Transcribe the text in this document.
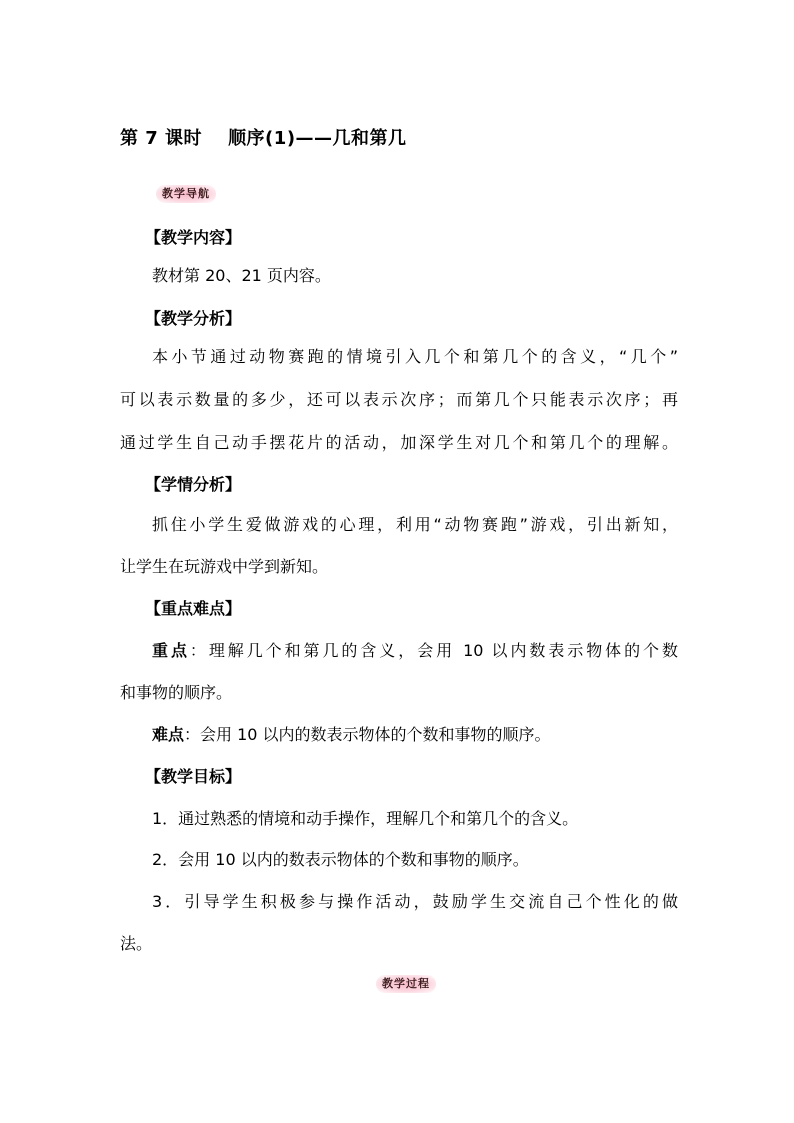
第 7 课时 顺序(1)——几和第几
教学导航
【教学内容】
教材第 20、21 页内容。
【教学分析】
本小节通过动物赛跑的情境引入几个和第几个的含义，“几个”
可以表示数量的多少，还可以表示次序；而第几个只能表示次序；再
通过学生自己动手摆花片的活动，加深学生对几个和第几个的理解。
【学情分析】
抓住小学生爱做游戏的心理，利用“动物赛跑”游戏，引出新知，
让学生在玩游戏中学到新知。
【重点难点】
重点：理解几个和第几的含义，会用 10 以内数表示物体的个数
和事物的顺序。
难点：会用 10 以内的数表示物体的个数和事物的顺序。
【教学目标】
1．通过熟悉的情境和动手操作，理解几个和第几个的含义。
2．会用 10 以内的数表示物体的个数和事物的顺序。
3．引导学生积极参与操作活动，鼓励学生交流自己个性化的做
法。
教学过程
